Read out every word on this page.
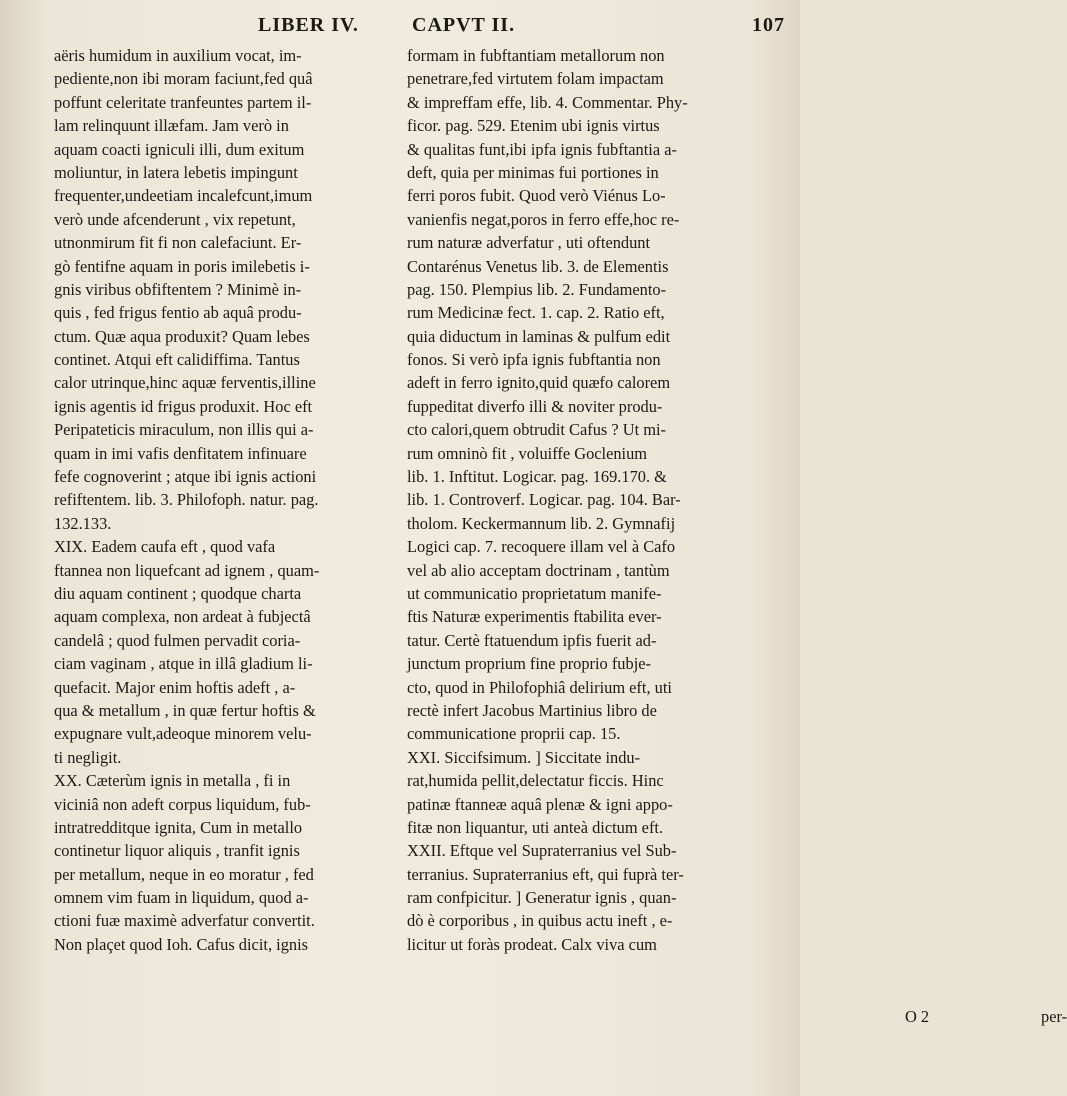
LIBER IV.	CAPVT II.	107
aëris humidum in auxilium vocat, im-
pediente,non ibi moram faciunt,fed quâ
poffunt celeritate tranfeuntes partem il-
lam relinquunt illæfam. Jam verò in
aquam coacti igniculi illi, dum exitum
moliuntur, in latera lebetis impingunt
frequenter,undeetiam incalefcunt,imum
verò unde afcenderunt , vix repetunt,
utnonmirum fit fi non calefaciunt. Er-
gò fentifne aquam in poris imilebetis i-
gnis viribus obfiftentem ? Minimè in-
quis , fed frigus fentio ab aquâ produ-
ctum. Quæ aqua produxit? Quam lebes
continet. Atqui eft calidiffima. Tantus
calor utrinque,hinc aquæ ferventis,illine
ignis agentis id frigus produxit. Hoc eft
Peripateticis miraculum, non illis qui a-
quam in imi vafis denfitatem infinuare
fefe cognoverint ; atque ibi ignis actioni
refiftentem. lib. 3. Philofoph. natur. pag.
132.133.
XIX. Eadem caufa eft , quod vafa
ftannea non liquefcant ad ignem , quam-
diu aquam continent ; quodque charta
aquam complexa, non ardeat à fubjectâ
candelâ ; quod fulmen pervadit coria-
ciam vaginam , atque in illâ gladium li-
quefacit. Major enim hoftis adeft , a-
qua & metallum , in quæ fertur hoftis &
expugnare vult,adeoque minorem velu-
ti negligit.
XX. Cæterùm ignis in metalla , fi in
viciniâ non adeft corpus liquidum, fub-
intratredditque ignita, Cum in metallo
continetur liquor aliquis , tranfit ignis
per metallum, neque in eo moratur , fed
omnem vim fuam in liquidum, quod a-
ctioni fuæ maximè adverfatur convertit.
Non plaçet quod Ioh. Cafus dicit, ignis
formam in fubftantiam metallorum non
penetrare,fed virtutem folam impactam
& impreffam effe, lib. 4. Commentar. Phy-
ficor. pag. 529. Etenim ubi ignis virtus
& qualitas funt,ibi ipfa ignis fubftantia a-
deft, quia per minimas fui portiones in
ferri poros fubit. Quod verò Viénus Lo-
vanienfis negat,poros in ferro effe,hoc re-
rum naturæ adverfatur , uti oftendunt
Contarénus Venetus lib. 3. de Elementis
pag. 150. Plempius lib. 2. Fundamento-
rum Medicinæ fect. 1. cap. 2. Ratio eft,
quia diductum in laminas & pulfum edit
fonos. Si verò ipfa ignis fubftantia non
adeft in ferro ignito,quid quæfo calorem
fuppeditat diverfo illi & noviter produ-
cto calori,quem obtrudit Cafus ? Ut mi-
rum omninò fit , voluiffe Goclenium
lib. 1. Inftitut. Logicar. pag. 169.170. &
lib. 1. Controverf. Logicar. pag. 104. Bar-
tholom. Keckermannum lib. 2. Gymnafij
Logici cap. 7. recoquere illam vel à Cafo
vel ab alio acceptam doctrinam , tantùm
ut communicatio proprietatum manife-
ftis Naturæ experimentis ftabilita ever-
tatur. Certè ftatuendum ipfis fuerit ad-
junctum proprium fine proprio fubje-
cto, quod in Philofophiâ delirium eft, uti
rectè infert Jacobus Martinius libro de
communicatione proprii cap. 15.
XXI. Siccifsimum. ] Siccitate indu-
rat,humida pellit,delectatur ficcis. Hinc
patinæ ftanneæ aquâ plenæ & igni appo-
fitæ non liquantur, uti anteà dictum eft.
XXII. Eftque vel Supraterranius vel Sub-
terranius. Supraterranius eft, qui fuprà ter-
ram confpicitur. ] Generatur ignis , quan-
dò è corporibus , in quibus actu ineft , e-
licitur ut foràs prodeat. Calx viva cum
O 2	per-
